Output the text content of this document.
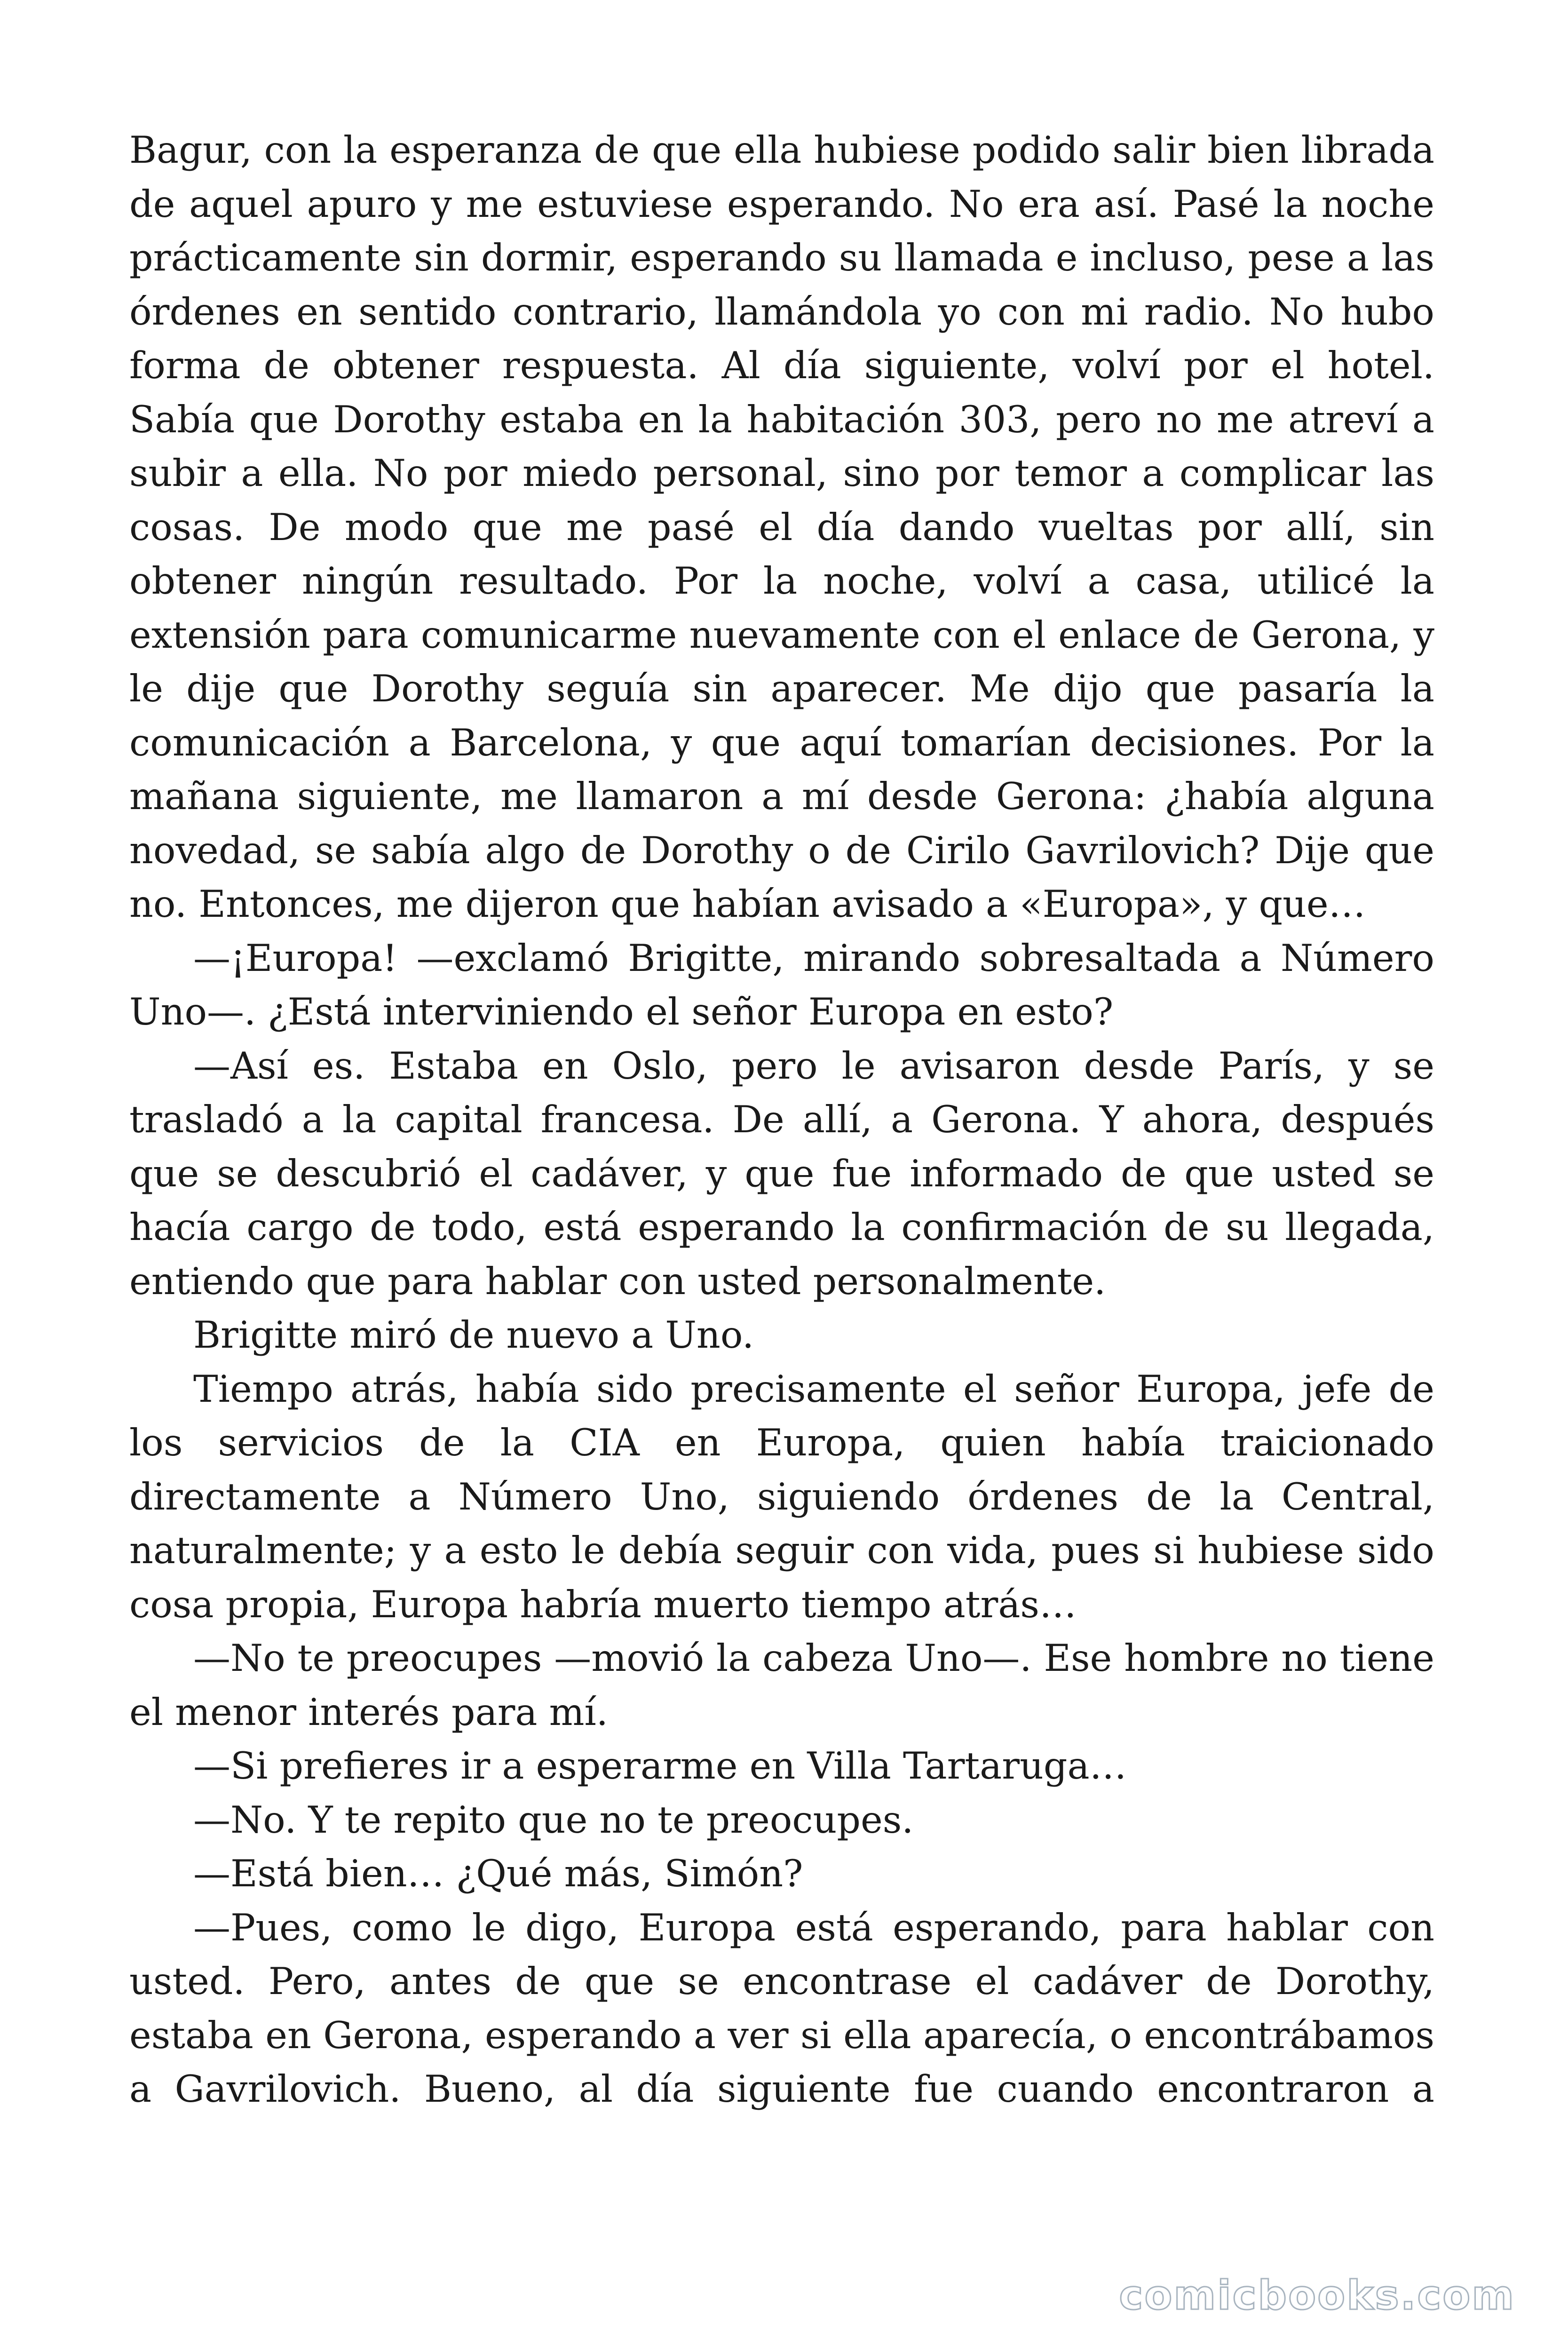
Bagur, con la esperanza de que ella hubiese podido salir bien librada de aquel apuro y me estuviese esperando. No era así. Pasé la noche prácticamente sin dormir, esperando su llamada e incluso, pese a las órdenes en sentido contrario, llamándola yo con mi radio. No hubo forma de obtener respuesta. Al día siguiente, volví por el hotel. Sabía que Dorothy estaba en la habitación 303, pero no me atreví a subir a ella. No por miedo personal, sino por temor a complicar las cosas. De modo que me pasé el día dando vueltas por allí, sin obtener ningún resultado. Por la noche, volví a casa, utilicé la extensión para comunicarme nuevamente con el enlace de Gerona, y le dije que Dorothy seguía sin aparecer. Me dijo que pasaría la comunicación a Barcelona, y que aquí tomarían decisiones. Por la mañana siguiente, me llamaron a mí desde Gerona: ¿había alguna novedad, se sabía algo de Dorothy o de Cirilo Gavrilovich? Dije que no. Entonces, me dijeron que habían avisado a «Europa», y que…

—¡Europa! —exclamó Brigitte, mirando sobresaltada a Número Uno—. ¿Está interviniendo el señor Europa en esto?

—Así es. Estaba en Oslo, pero le avisaron desde París, y se trasladó a la capital francesa. De allí, a Gerona. Y ahora, después que se descubrió el cadáver, y que fue informado de que usted se hacía cargo de todo, está esperando la confirmación de su llegada, entiendo que para hablar con usted personalmente.

Brigitte miró de nuevo a Uno.

Tiempo atrás, había sido precisamente el señor Europa, jefe de los servicios de la CIA en Europa, quien había traicionado directamente a Número Uno, siguiendo órdenes de la Central, naturalmente; y a esto le debía seguir con vida, pues si hubiese sido cosa propia, Europa habría muerto tiempo atrás…

—No te preocupes —movió la cabeza Uno—. Ese hombre no tiene el menor interés para mí.

—Si prefieres ir a esperarme en Villa Tartaruga…

—No. Y te repito que no te preocupes.

—Está bien… ¿Qué más, Simón?

—Pues, como le digo, Europa está esperando, para hablar con usted. Pero, antes de que se encontrase el cadáver de Dorothy, estaba en Gerona, esperando a ver si ella aparecía, o encontrábamos a Gavrilovich. Bueno, al día siguiente fue cuando encontraron a

comicbooks.com
